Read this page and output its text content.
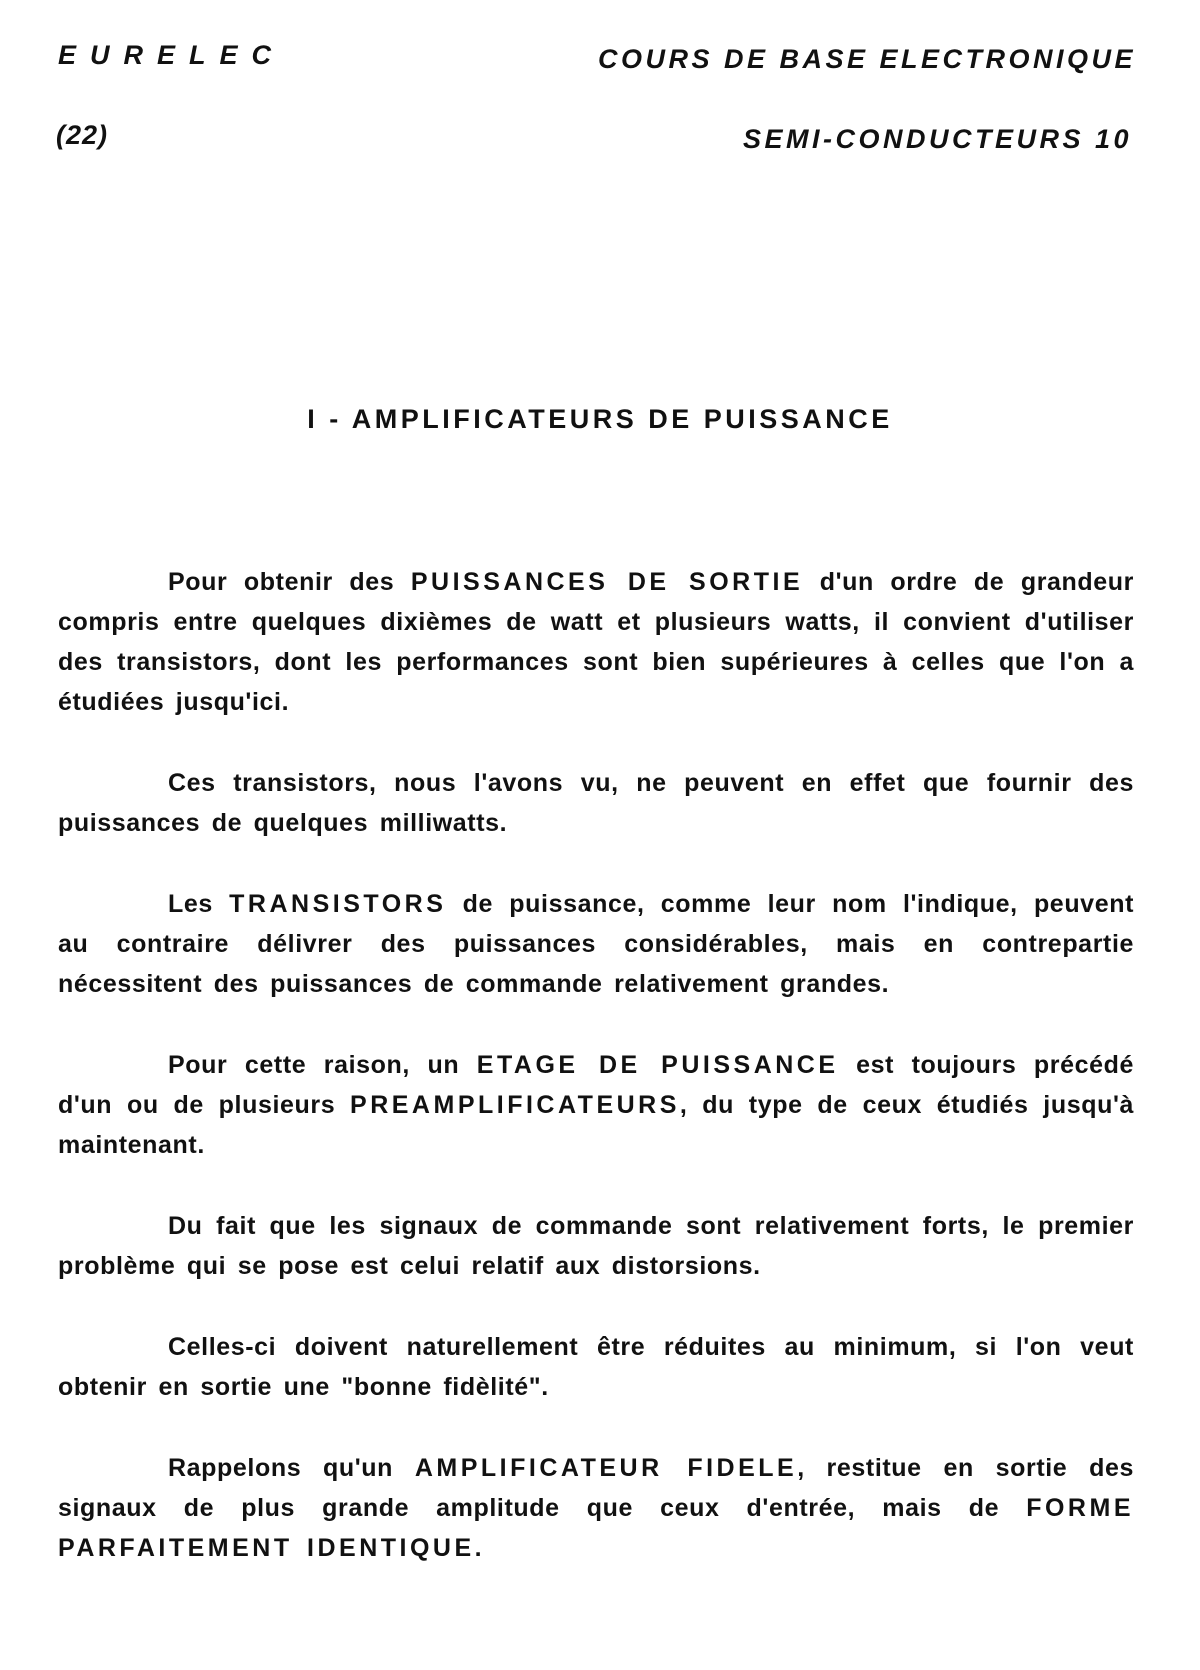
EURELEC	COURS DE BASE ELECTRONIQUE
(22)	SEMI-CONDUCTEURS 10
I - AMPLIFICATEURS DE PUISSANCE

Pour obtenir des PUISSANCES DE SORTIE d'un ordre de grandeur compris entre quelques dixièmes de watt et plusieurs watts, il convient d'utiliser des transistors, dont les performances sont bien supérieures à celles que l'on a étudiées jusqu'ici.

Ces transistors, nous l'avons vu, ne peuvent en effet que fournir des puissances de quelques milliwatts.

Les TRANSISTORS de puissance, comme leur nom l'indique, peuvent au contraire délivrer des puissances considérables, mais en contrepartie nécessitent des puissances de commande relativement grandes.

Pour cette raison, un ETAGE DE PUISSANCE est toujours précédé d'un ou de plusieurs PREAMPLIFICATEURS, du type de ceux étudiés jusqu'à maintenant.

Du fait que les signaux de commande sont relativement forts, le premier problème qui se pose est celui relatif aux distorsions.

Celles-ci doivent naturellement être réduites au minimum, si l'on veut obtenir en sortie une "bonne fidèlité".

Rappelons qu'un AMPLIFICATEUR FIDELE, restitue en sortie des signaux de plus grande amplitude que ceux d'entrée, mais de FORME PARFAITEMENT IDENTIQUE.
